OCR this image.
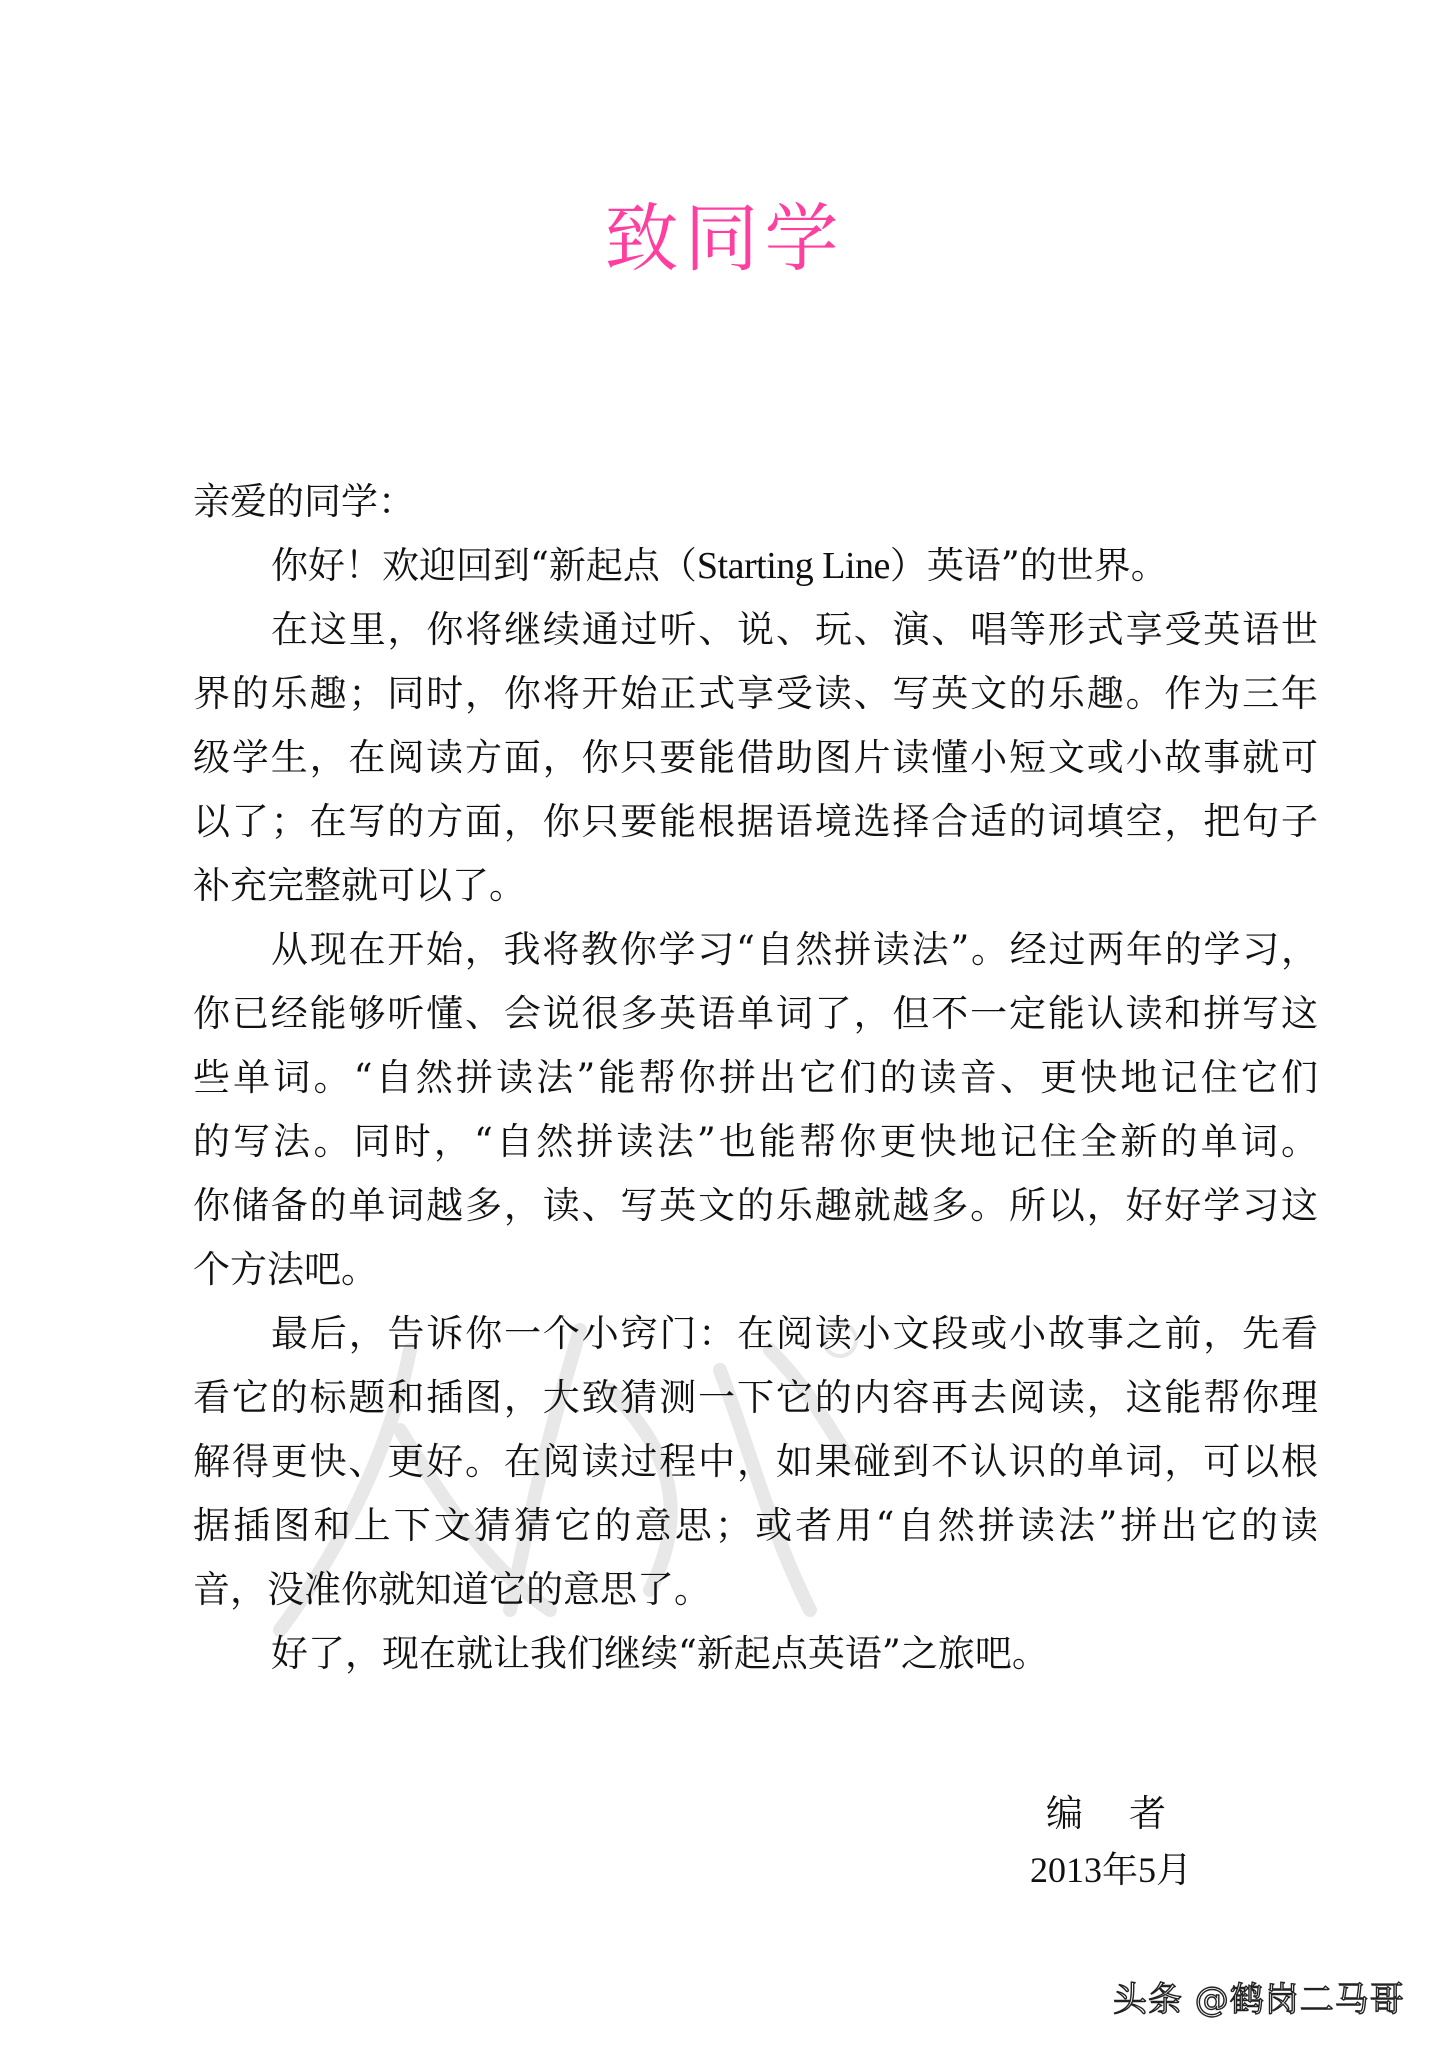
致同学
亲爱的同学：
你好！欢迎回到“新起点（Starting Line）英语”的世界。
在这里，你将继续通过听、说、玩、演、唱等形式享受英语世
界的乐趣；同时，你将开始正式享受读、写英文的乐趣。作为三年
级学生，在阅读方面，你只要能借助图片读懂小短文或小故事就可
以了；在写的方面，你只要能根据语境选择合适的词填空，把句子
补充完整就可以了。
从现在开始，我将教你学习“自然拼读法”。经过两年的学习，
你已经能够听懂、会说很多英语单词了，但不一定能认读和拼写这
些单词。“自然拼读法”能帮你拼出它们的读音、更快地记住它们
的写法。同时，“自然拼读法”也能帮你更快地记住全新的单词。
你储备的单词越多，读、写英文的乐趣就越多。所以，好好学习这
个方法吧。
最后，告诉你一个小窍门：在阅读小文段或小故事之前，先看
看它的标题和插图，大致猜测一下它的内容再去阅读，这能帮你理
解得更快、更好。在阅读过程中，如果碰到不认识的单词，可以根
据插图和上下文猜猜它的意思；或者用“自然拼读法”拼出它的读
音，没准你就知道它的意思了。
好了，现在就让我们继续“新起点英语”之旅吧。
编者
2013年5月
头条 @鹤岗二马哥
